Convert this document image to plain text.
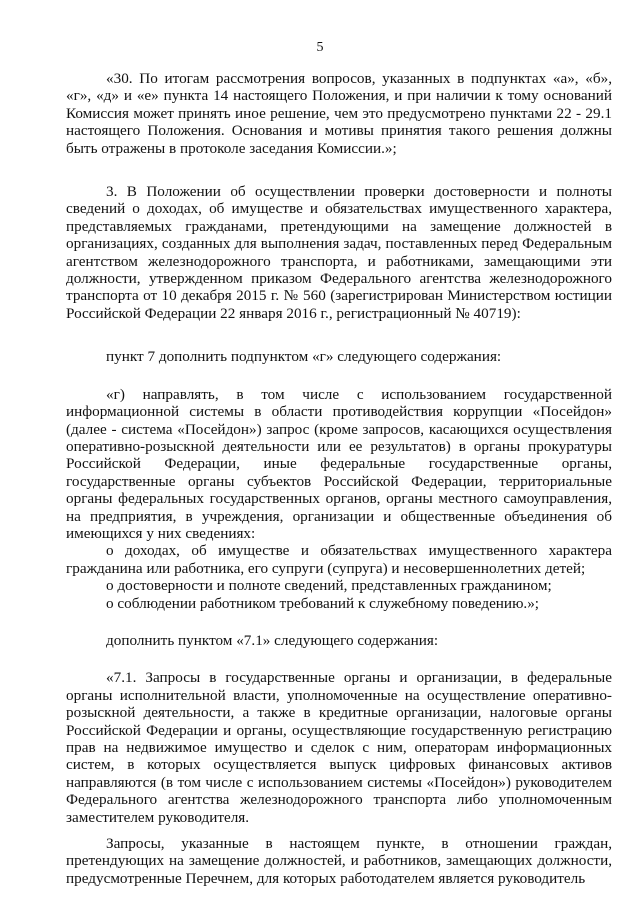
5

«30. По итогам рассмотрения вопросов, указанных в подпунктах «а», «б», «г», «д» и «е» пункта 14 настоящего Положения, и при наличии к тому оснований Комиссия может принять иное решение, чем это предусмотрено пунктами 22 - 29.1 настоящего Положения. Основания и мотивы принятия такого решения должны быть отражены в протоколе заседания Комиссии.»;

3. В Положении об осуществлении проверки достоверности и полноты сведений о доходах, об имуществе и обязательствах имущественного характера, представляемых гражданами, претендующими на замещение должностей в организациях, созданных для выполнения задач, поставленных перед Федеральным агентством железнодорожного транспорта, и работниками, замещающими эти должности, утвержденном приказом Федерального агентства железнодорожного транспорта от 10 декабря 2015 г. № 560 (зарегистрирован Министерством юстиции Российской Федерации 22 января 2016 г., регистрационный № 40719):

пункт 7 дополнить подпунктом «г» следующего содержания:

«г) направлять, в том числе с использованием государственной информационной системы в области противодействия коррупции «Посейдон» (далее - система «Посейдон») запрос (кроме запросов, касающихся осуществления оперативно-розыскной деятельности или ее результатов) в органы прокуратуры Российской Федерации, иные федеральные государственные органы, государственные органы субъектов Российской Федерации, территориальные органы федеральных государственных органов, органы местного самоуправления, на предприятия, в учреждения, организации и общественные объединения об имеющихся у них сведениях:

о доходах, об имуществе и обязательствах имущественного характера гражданина или работника, его супруги (супруга) и несовершеннолетних детей;

о достоверности и полноте сведений, представленных гражданином;

о соблюдении работником требований к служебному поведению.»;

дополнить пунктом «7.1» следующего содержания:

«7.1. Запросы в государственные органы и организации, в федеральные органы исполнительной власти, уполномоченные на осуществление оперативно-розыскной деятельности, а также в кредитные организации, налоговые органы Российской Федерации и органы, осуществляющие государственную регистрацию прав на недвижимое имущество и сделок с ним, операторам информационных систем, в которых осуществляется выпуск цифровых финансовых активов направляются (в том числе с использованием системы «Посейдон») руководителем Федерального агентства железнодорожного транспорта либо уполномоченным заместителем руководителя.

Запросы, указанные в настоящем пункте, в отношении граждан, претендующих на замещение должностей, и работников, замещающих должности, предусмотренные Перечнем, для которых работодателем является руководитель
